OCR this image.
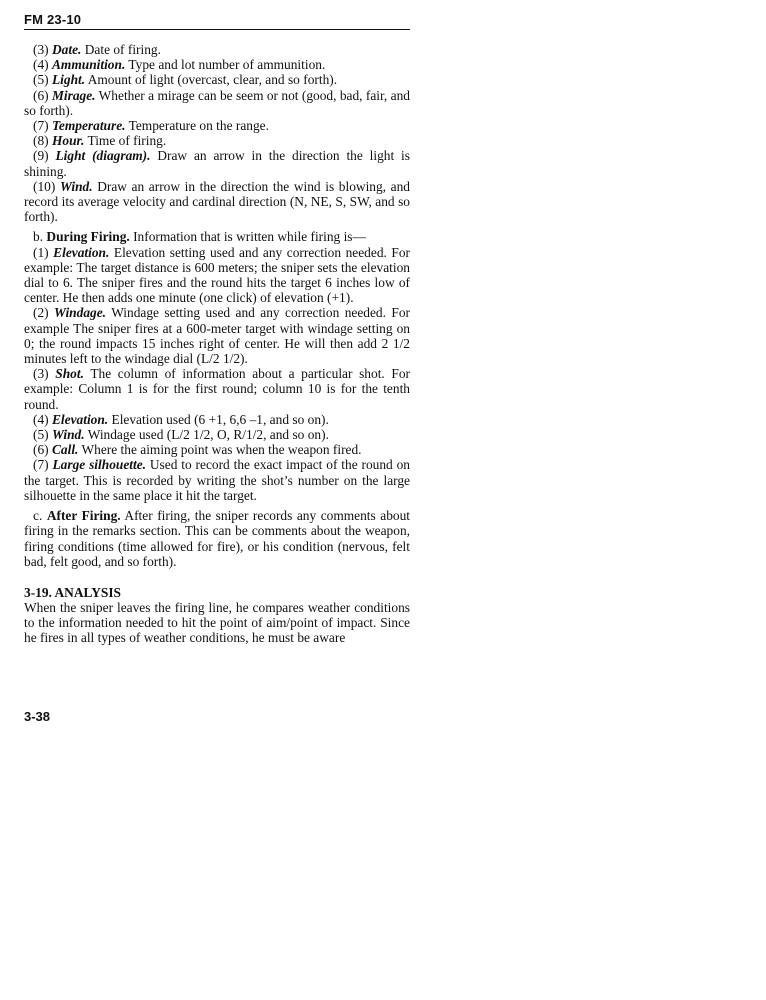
FM 23-10

(3) Date. Date of firing.

(4) Ammunition. Type and lot number of ammunition.

(5) Light. Amount of light (overcast, clear, and so forth).

(6) Mirage. Whether a mirage can be seem or not (good, bad, fair, and so forth).

(7) Temperature. Temperature on the range.

(8) Hour. Time of firing.

(9) Light (diagram). Draw an arrow in the direction the light is shining.

(10) Wind. Draw an arrow in the direction the wind is blowing, and record its average velocity and cardinal direction (N, NE, S, SW, and so forth).

b. During Firing. Information that is written while firing is—

(1) Elevation. Elevation setting used and any correction needed. For example: The target distance is 600 meters; the sniper sets the elevation dial to 6. The sniper fires and the round hits the target 6 inches low of center. He then adds one minute (one click) of elevation (+1).

(2) Windage. Windage setting used and any correction needed. For example The sniper fires at a 600-meter target with windage setting on 0; the round impacts 15 inches right of center. He will then add 2 1/2 minutes left to the windage dial (L/2 1/2).

(3) Shot. The column of information about a particular shot. For example: Column 1 is for the first round; column 10 is for the tenth round.

(4) Elevation. Elevation used (6 +1, 6,6 –1, and so on).

(5) Wind. Windage used (L/2 1/2, O, R/1/2, and so on).

(6) Call. Where the aiming point was when the weapon fired.

(7) Large silhouette. Used to record the exact impact of the round on the target. This is recorded by writing the shot’s number on the large silhouette in the same place it hit the target.

c. After Firing. After firing, the sniper records any comments about firing in the remarks section. This can be comments about the weapon, firing conditions (time allowed for fire), or his condition (nervous, felt bad, felt good, and so forth).

3-19. ANALYSIS

When the sniper leaves the firing line, he compares weather conditions to the information needed to hit the point of aim/point of impact. Since he fires in all types of weather conditions, he must be aware

3-38
